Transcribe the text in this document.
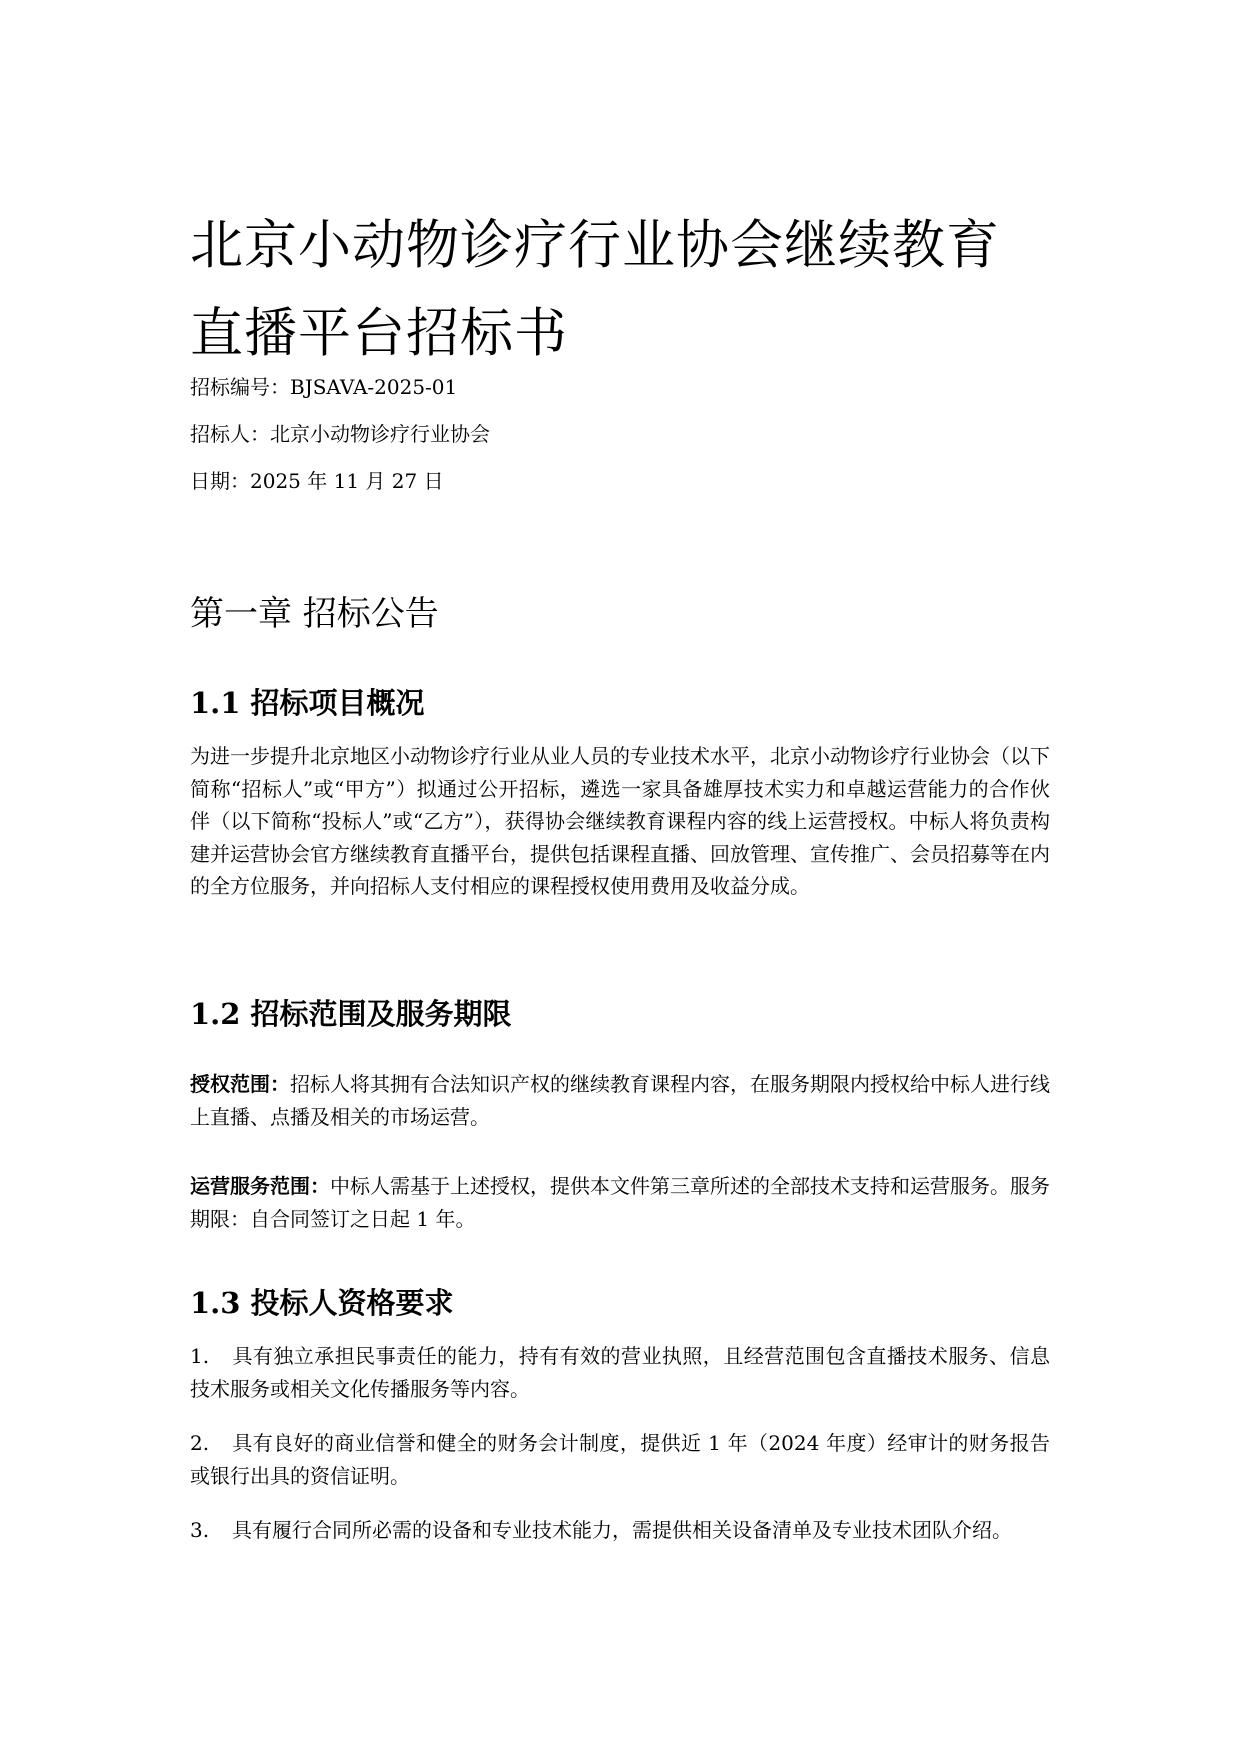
北京小动物诊疗行业协会继续教育直播平台招标书
招标编号：BJSAVA-2025-01
招标人：北京小动物诊疗行业协会
日期：2025 年 11 月 27 日
第一章 招标公告
1.1 招标项目概况

为进一步提升北京地区小动物诊疗行业从业人员的专业技术水平，北京小动物诊疗行业协会（以下简称“招标人”或“甲方”）拟通过公开招标，遴选一家具备雄厚技术实力和卓越运营能力的合作伙伴（以下简称“投标人”或“乙方”），获得协会继续教育课程内容的线上运营授权。中标人将负责构建并运营协会官方继续教育直播平台，提供包括课程直播、回放管理、宣传推广、会员招募等在内的全方位服务，并向招标人支付相应的课程授权使用费用及收益分成。

1.2 招标范围及服务期限

授权范围：招标人将其拥有合法知识产权的继续教育课程内容，在服务期限内授权给中标人进行线上直播、点播及相关的市场运营。

运营服务范围：中标人需基于上述授权，提供本文件第三章所述的全部技术支持和运营服务。服务期限：自合同签订之日起 1 年。

1.3 投标人资格要求

1. 具有独立承担民事责任的能力，持有有效的营业执照，且经营范围包含直播技术服务、信息技术服务或相关文化传播服务等内容。

2. 具有良好的商业信誉和健全的财务会计制度，提供近 1 年（2024 年度）经审计的财务报告或银行出具的资信证明。

3. 具有履行合同所必需的设备和专业技术能力，需提供相关设备清单及专业技术团队介绍。
